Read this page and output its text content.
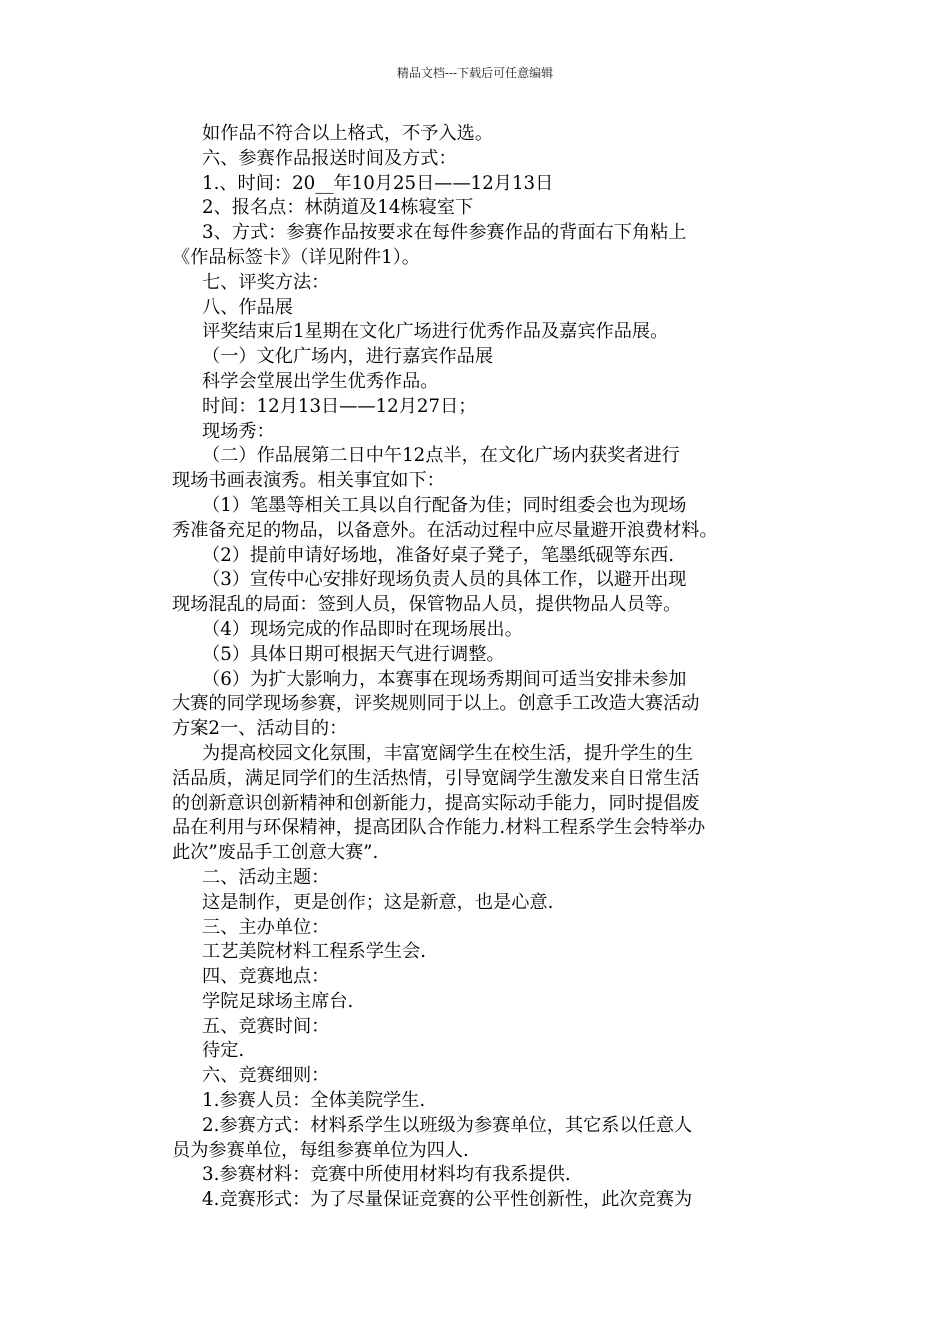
精品文档---下载后可任意编辑
如作品不符合以上格式，不予入选。
六、参赛作品报送时间及方式：
1.、时间：20__年10月25日——12月13日
2、报名点：林荫道及14栋寝室下
3、方式：参赛作品按要求在每件参赛作品的背面右下角粘上
《作品标签卡》（详见附件1）。
七、评奖方法：
八、作品展
评奖结束后1星期在文化广场进行优秀作品及嘉宾作品展。
（一）文化广场内，进行嘉宾作品展
科学会堂展出学生优秀作品。
时间：12月13日——12月27日；
现场秀：
（二）作品展第二日中午12点半，在文化广场内获奖者进行
现场书画表演秀。相关事宜如下：
（1）笔墨等相关工具以自行配备为佳；同时组委会也为现场
秀准备充足的物品，以备意外。在活动过程中应尽量避开浪费材料。
（2）提前申请好场地，准备好桌子凳子，笔墨纸砚等东西.
（3）宣传中心安排好现场负责人员的具体工作，以避开出现
现场混乱的局面：签到人员，保管物品人员，提供物品人员等。
（4）现场完成的作品即时在现场展出。
（5）具体日期可根据天气进行调整。
（6）为扩大影响力，本赛事在现场秀期间可适当安排未参加
大赛的同学现场参赛，评奖规则同于以上。创意手工改造大赛活动
方案2一、活动目的：
为提高校园文化氛围，丰富宽阔学生在校生活，提升学生的生
活品质，满足同学们的生活热情，引导宽阔学生激发来自日常生活
的创新意识创新精神和创新能力，提高实际动手能力，同时提倡废
品在利用与环保精神，提高团队合作能力.材料工程系学生会特举办
此次”废品手工创意大赛”.
二、活动主题：
这是制作，更是创作；这是新意，也是心意.
三、主办单位：
工艺美院材料工程系学生会.
四、竞赛地点：
学院足球场主席台.
五、竞赛时间：
待定.
六、竞赛细则：
1.参赛人员：全体美院学生.
2.参赛方式：材料系学生以班级为参赛单位，其它系以任意人
员为参赛单位，每组参赛单位为四人.
3.参赛材料：竞赛中所使用材料均有我系提供.
4.竞赛形式：为了尽量保证竞赛的公平性创新性，此次竞赛为
